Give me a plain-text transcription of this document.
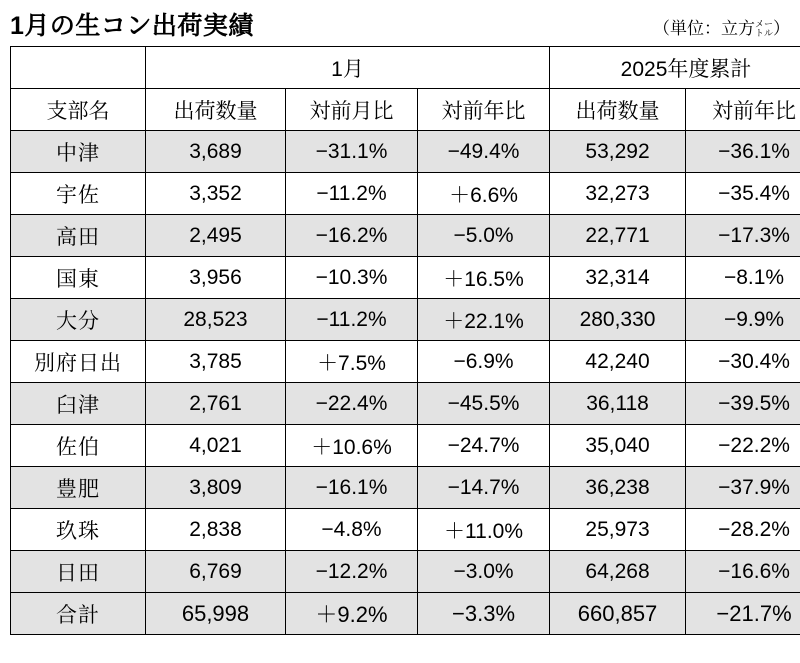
1月の生コン出荷実績	（単位：立方 メー
トル ）
	1月			2025年度累計	
支部名	出荷数量	対前月比	対前年比	出荷数量	対前年比
中津	3,689	−31.1%	−49.4%	53,292	−36.1%
宇佐	3,352	−11.2%	＋6.6%	32,273	−35.4%
高田	2,495	−16.2%	−5.0%	22,771	−17.3%
国東	3,956	−10.3%	＋16.5%	32,314	−8.1%
大分	28,523	−11.2%	＋22.1%	280,330	−9.9%
別府日出	3,785	＋7.5%	−6.9%	42,240	−30.4%
臼津	2,761	−22.4%	−45.5%	36,118	−39.5%
佐伯	4,021	＋10.6%	−24.7%	35,040	−22.2%
豊肥	3,809	−16.1%	−14.7%	36,238	−37.9%
玖珠	2,838	−4.8%	＋11.0%	25,973	−28.2%
日田	6,769	−12.2%	−3.0%	64,268	−16.6%
合計	65,998	＋9.2%	−3.3%	660,857	−21.7%
